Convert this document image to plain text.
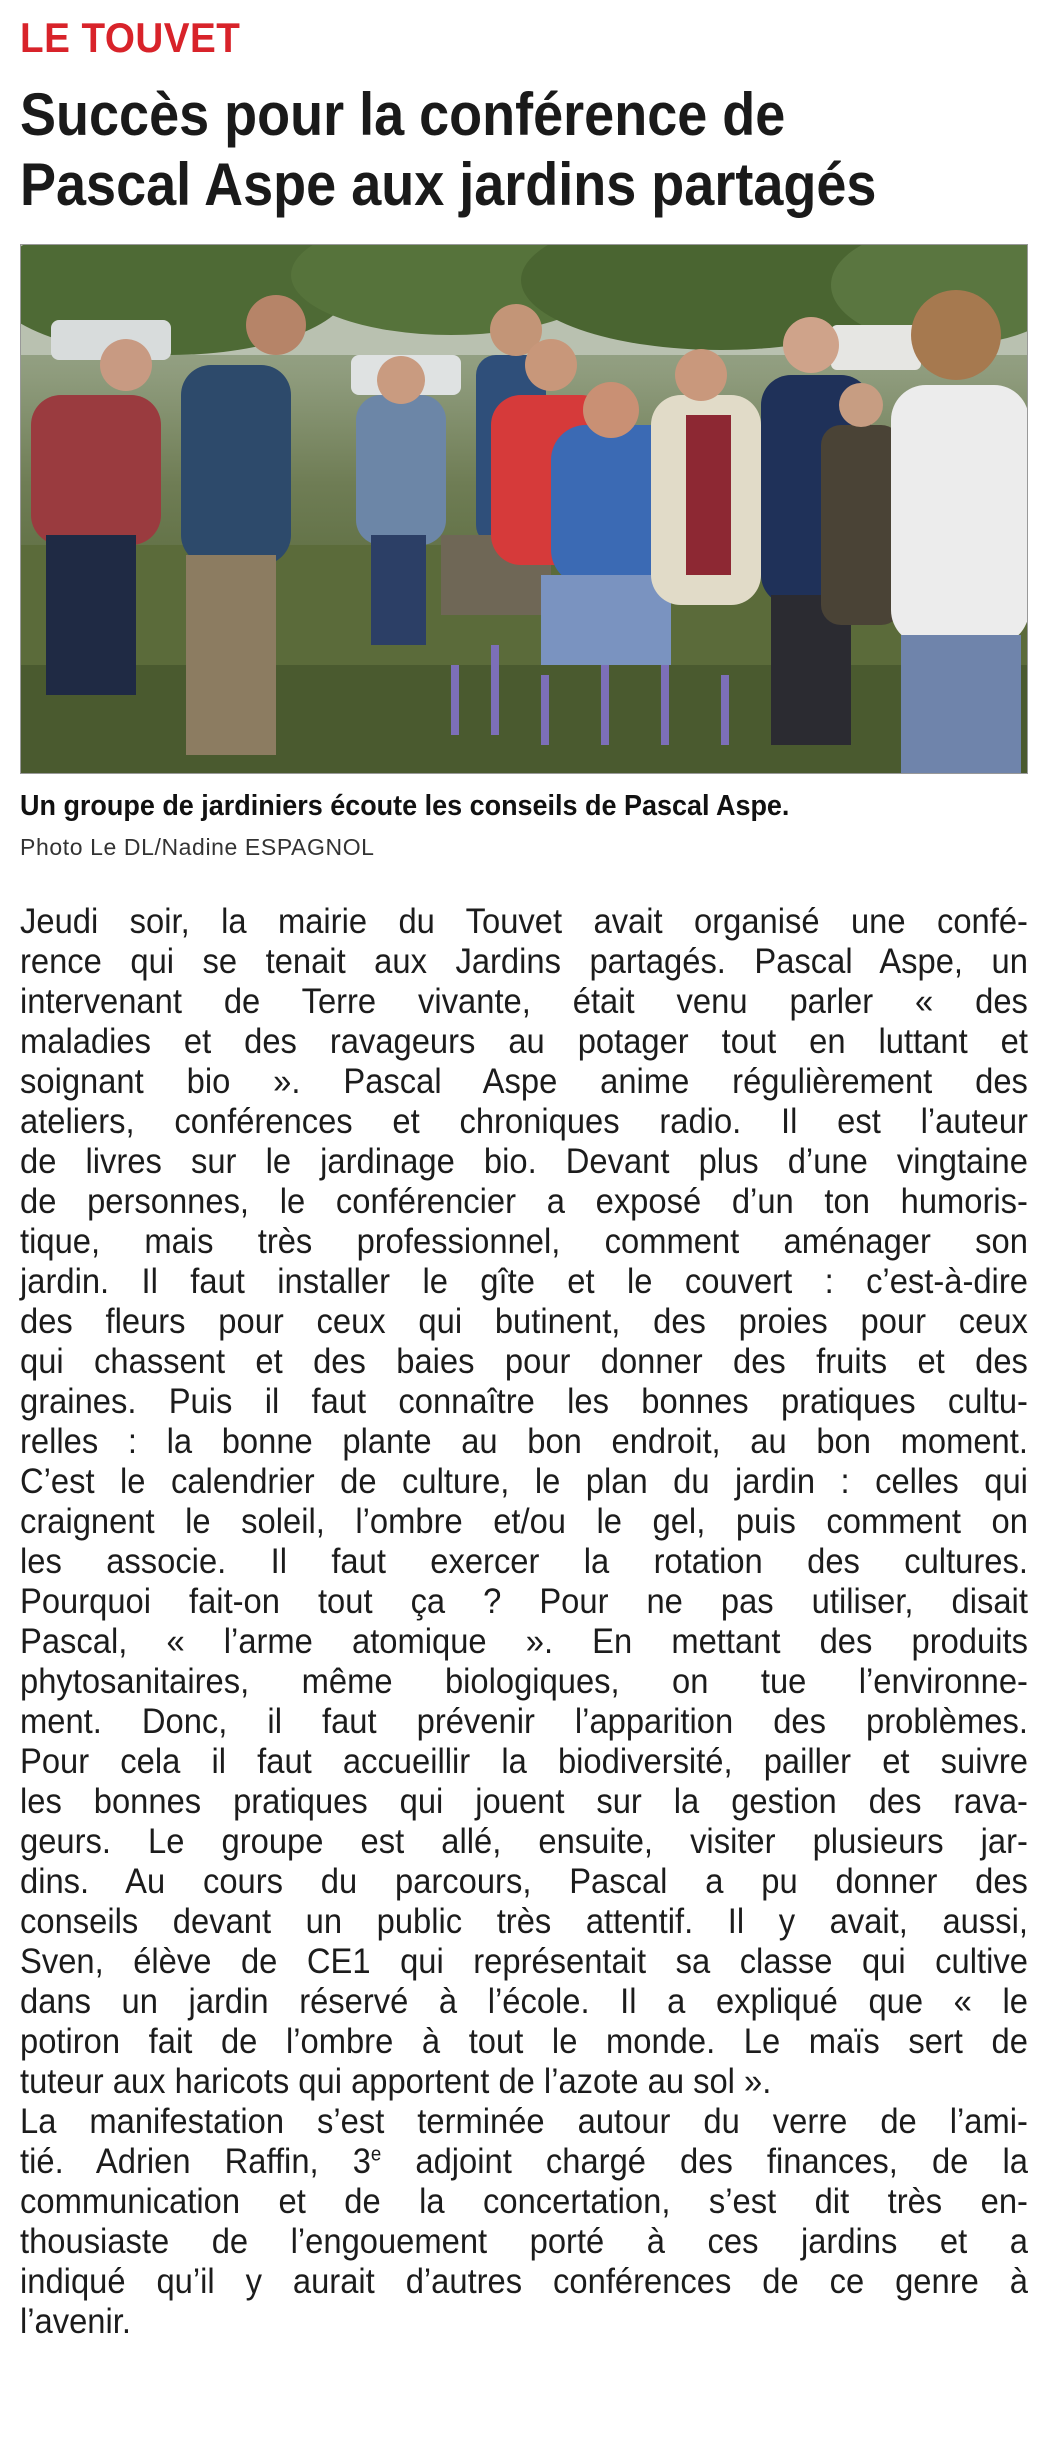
LE TOUVET
Succès pour la conférence de
Pascal Aspe aux jardins partagés
Un groupe de jardiniers écoute les conseils de Pascal Aspe.
Photo Le DL/Nadine ESPAGNOL
Jeudi soir, la mairie du Touvet avait organisé une confé-
rence qui se tenait aux Jardins partagés. Pascal Aspe, un
intervenant de Terre vivante, était venu parler « des
maladies et des ravageurs au potager tout en luttant et
soignant bio ». Pascal Aspe anime régulièrement des
ateliers, conférences et chroniques radio. Il est l’auteur
de livres sur le jardinage bio. Devant plus d’une vingtaine
de personnes, le conférencier a exposé d’un ton humoris-
tique, mais très professionnel, comment aménager son
jardin. Il faut installer le gîte et le couvert : c’est-à-dire
des fleurs pour ceux qui butinent, des proies pour ceux
qui chassent et des baies pour donner des fruits et des
graines. Puis il faut connaître les bonnes pratiques cultu-
relles : la bonne plante au bon endroit, au bon moment.
C’est le calendrier de culture, le plan du jardin : celles qui
craignent le soleil, l’ombre et/ou le gel, puis comment on
les associe. Il faut exercer la rotation des cultures.
Pourquoi fait-on tout ça ? Pour ne pas utiliser, disait
Pascal, « l’arme atomique ». En mettant des produits
phytosanitaires, même biologiques, on tue l’environne-
ment. Donc, il faut prévenir l’apparition des problèmes.
Pour cela il faut accueillir la biodiversité, pailler et suivre
les bonnes pratiques qui jouent sur la gestion des rava-
geurs. Le groupe est allé, ensuite, visiter plusieurs jar-
dins. Au cours du parcours, Pascal a pu donner des
conseils devant un public très attentif. Il y avait, aussi,
Sven, élève de CE1 qui représentait sa classe qui cultive
dans un jardin réservé à l’école. Il a expliqué que « le
potiron fait de l’ombre à tout le monde. Le maïs sert de
tuteur aux haricots qui apportent de l’azote au sol ».
La manifestation s’est terminée autour du verre de l’ami-
tié. Adrien Raffin, 3e adjoint chargé des finances, de la
communication et de la concertation, s’est dit très en-
thousiaste de l’engouement porté à ces jardins et a
indiqué qu’il y aurait d’autres conférences de ce genre à
l’avenir.
